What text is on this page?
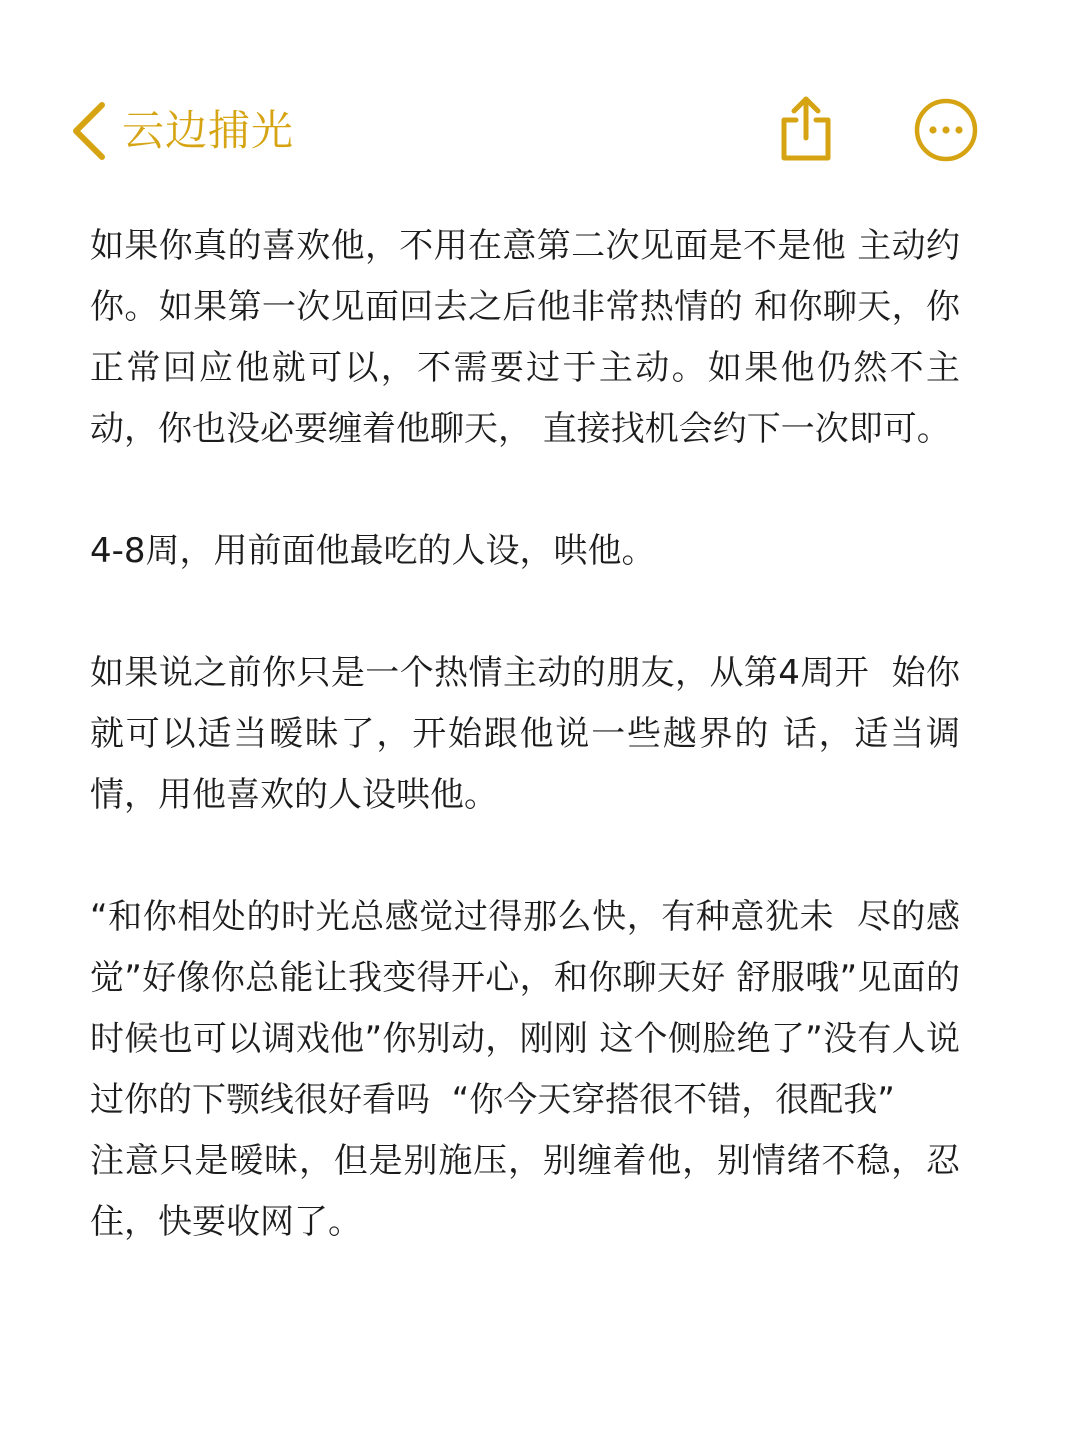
云边捕光

如果你真的喜欢他，不用在意第二次见面是不是他 主动约你。如果第一次见面回去之后他非常热情的 和你聊天，你正常回应他就可以，不需要过于主动。如果他仍然不主动，你也没必要缠着他聊天， 直接找机会约下一次即可。

4-8周，用前面他最吃的人设，哄他。

如果说之前你只是一个热情主动的朋友，从第4周开  始你就可以适当暧昧了，开始跟他说一些越界的 话，适当调情，用他喜欢的人设哄他。

“和你相处的时光总感觉过得那么快，有种意犹未  尽的感觉”好像你总能让我变得开心，和你聊天好 舒服哦”见面的时候也可以调戏他”你别动，刚刚 这个侧脸绝了”没有人说过你的下颚线很好看吗  “你今天穿搭很不错，很配我”

注意只是暧昧，但是别施压，别缠着他，别情绪不稳，忍住，快要收网了。
